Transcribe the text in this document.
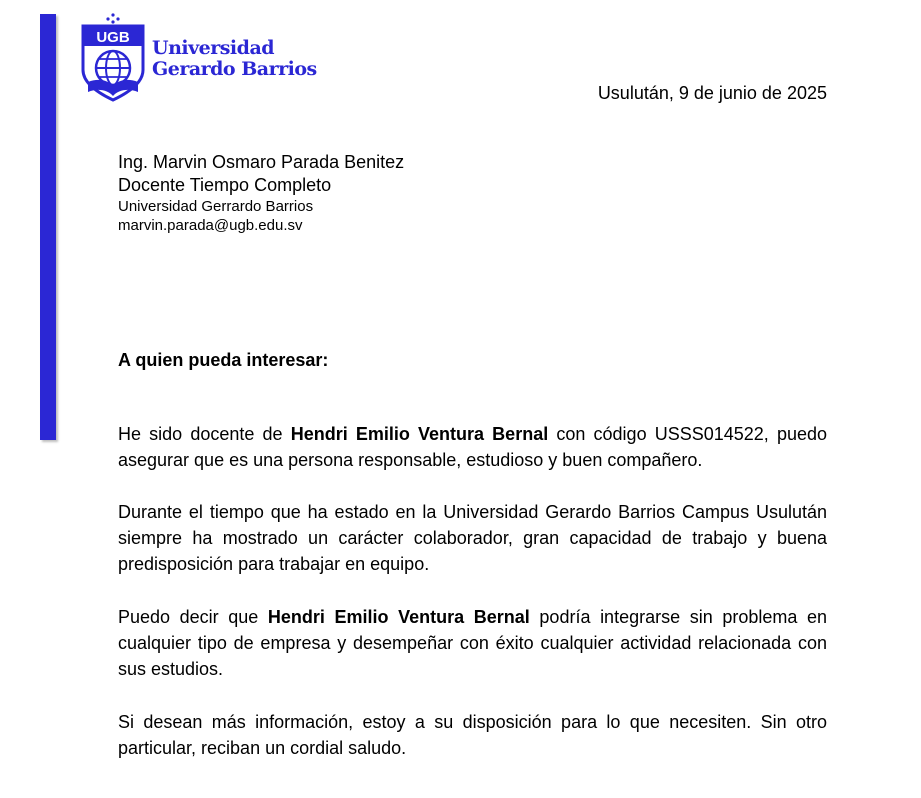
UGB Universidad
Gerardo Barrios
Usulután, 9 de junio de 2025
Ing. Marvin Osmaro Parada Benitez
Docente Tiempo Completo
Universidad Gerrardo Barrios
marvin.parada@ugb.edu.sv
A quien pueda interesar:

He sido docente de Hendri Emilio Ventura Bernal con código USSS014522, puedo asegurar que es una persona responsable, estudioso y buen compañero.

Durante el tiempo que ha estado en la Universidad Gerardo Barrios Campus Usulután siempre ha mostrado un carácter colaborador, gran capacidad de trabajo y buena predisposición para trabajar en equipo.

Puedo decir que Hendri Emilio Ventura Bernal podría integrarse sin problema en cualquier tipo de empresa y desempeñar con éxito cualquier actividad relacionada con sus estudios.

Si desean más información, estoy a su disposición para lo que necesiten. Sin otro particular, reciban un cordial saludo.
